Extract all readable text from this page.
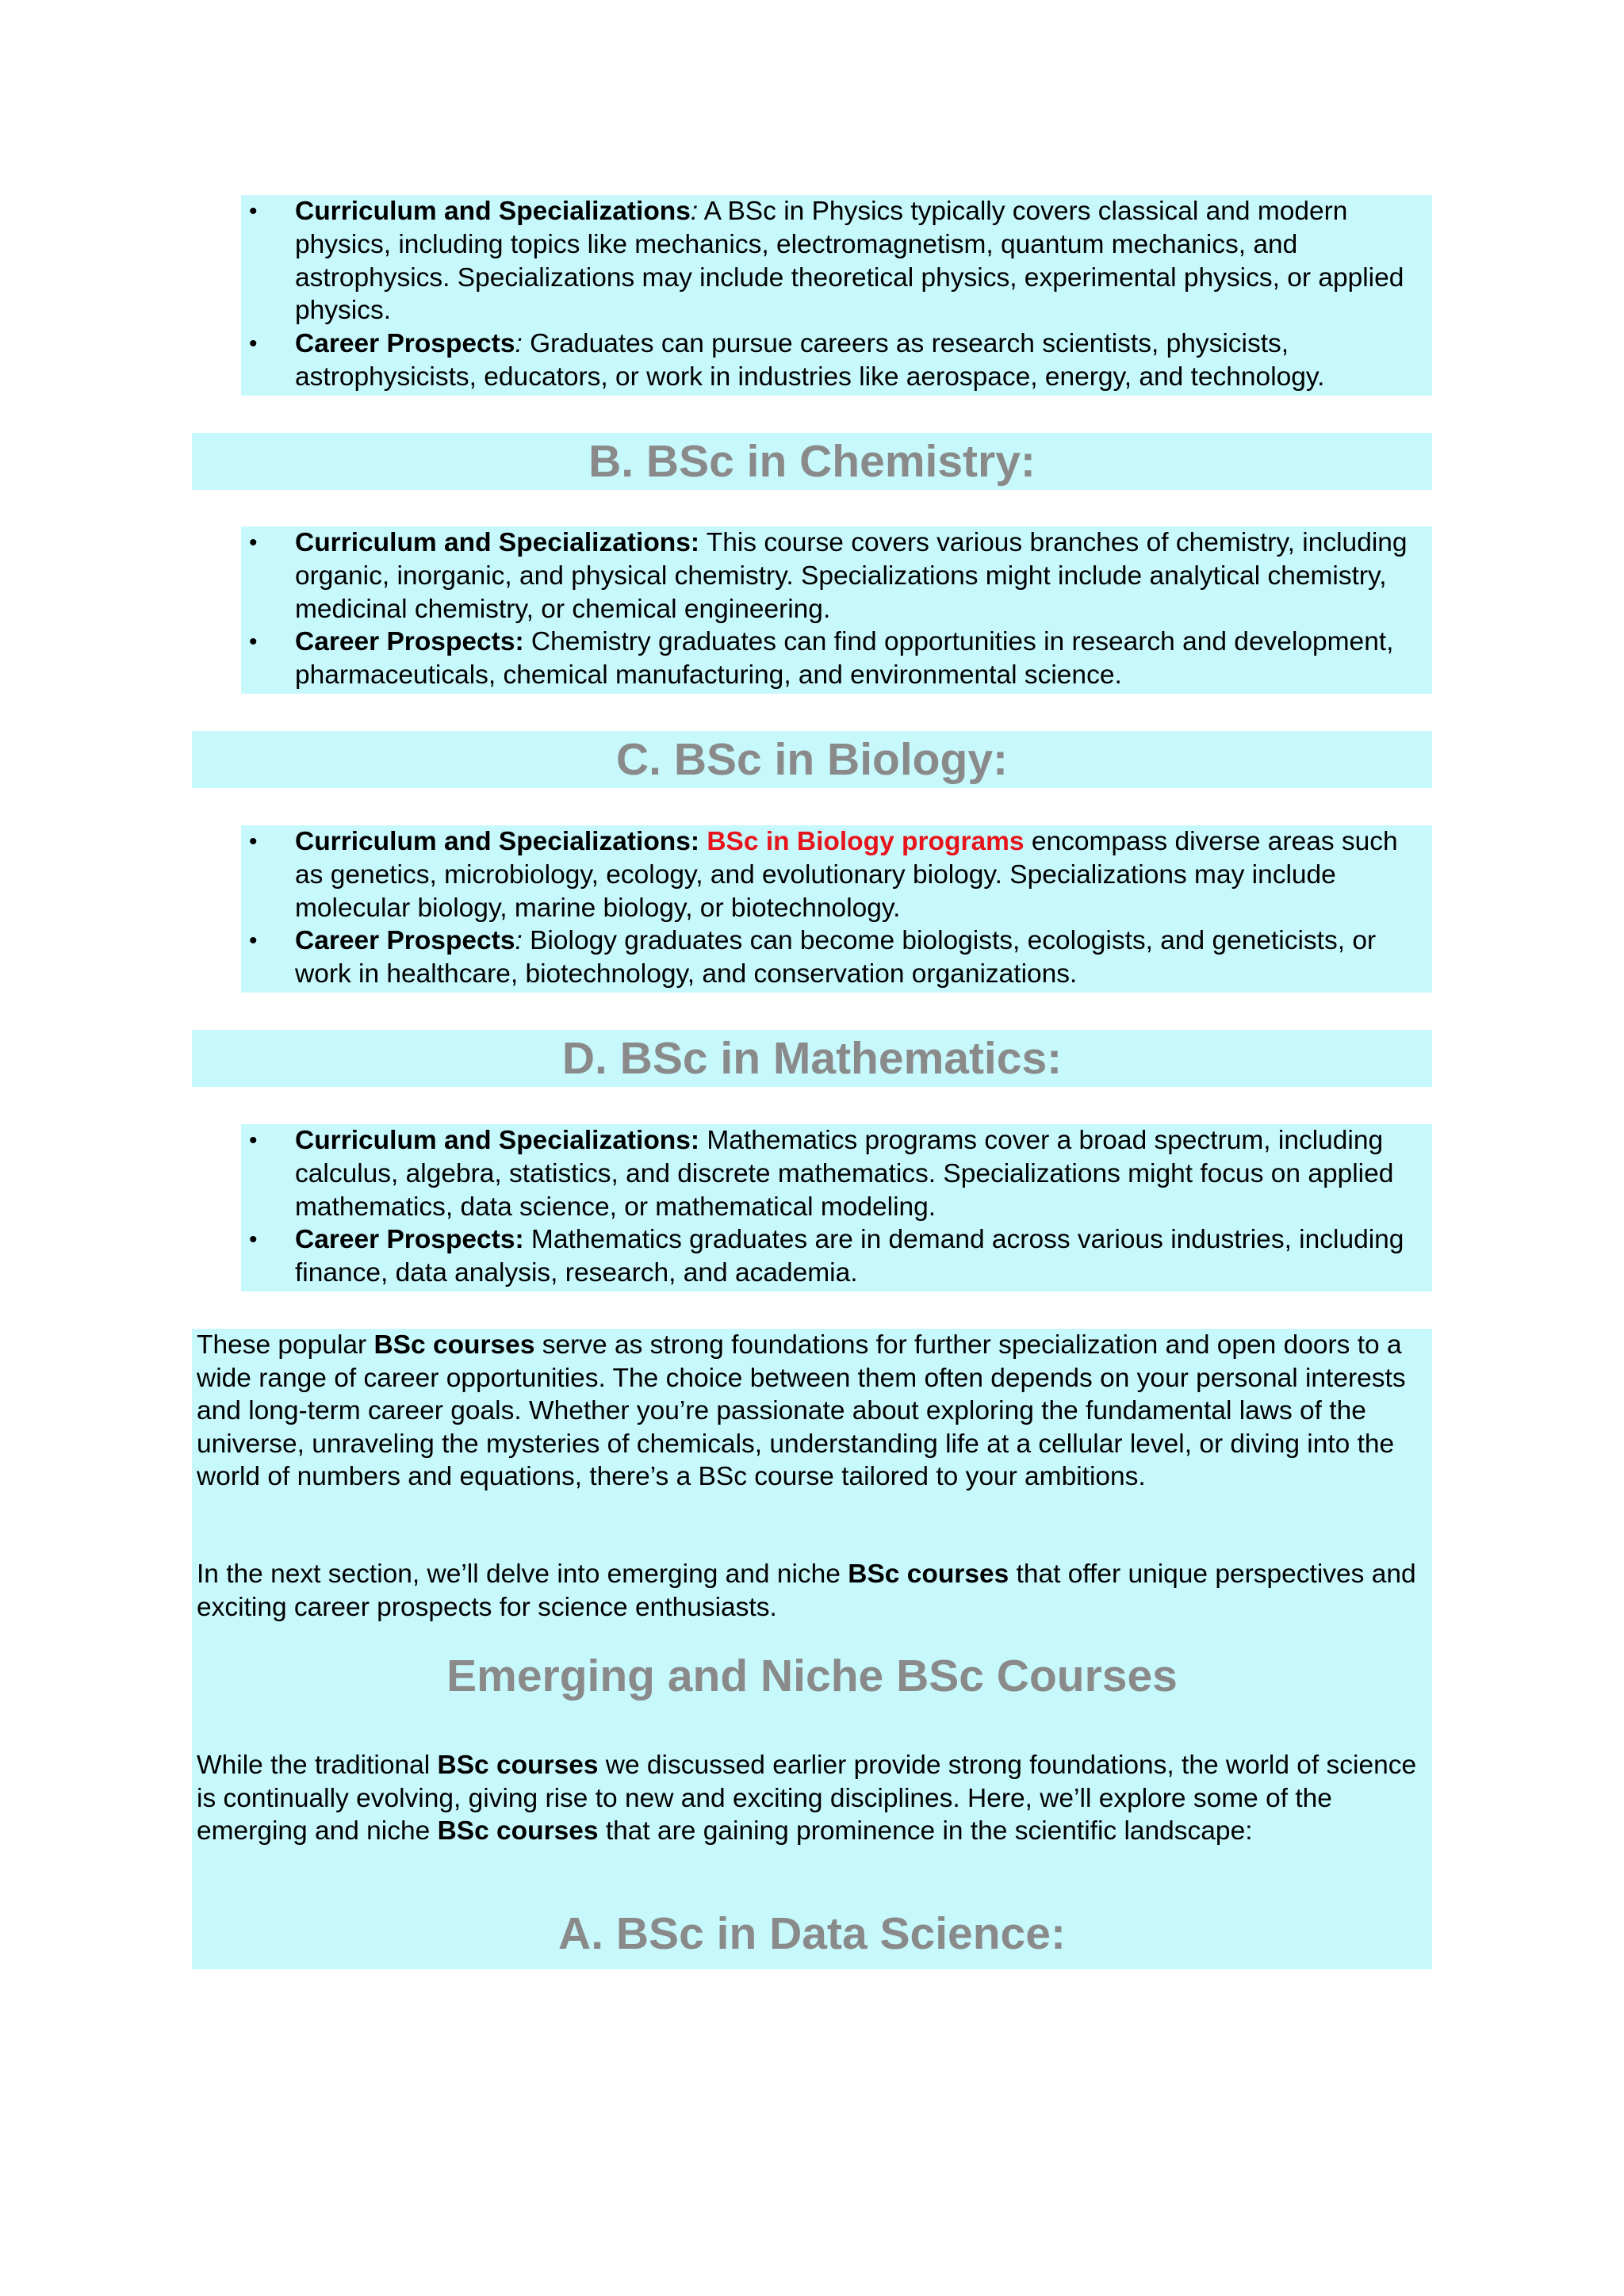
• Curriculum and Specializations: A BSc in Physics typically covers classical and modern physics, including topics like mechanics, electromagnetism, quantum mechanics, and astrophysics. Specializations may include theoretical physics, experimental physics, or applied physics.
• Career Prospects: Graduates can pursue careers as research scientists, physicists, astrophysicists, educators, or work in industries like aerospace, energy, and technology.
B. BSc in Chemistry:
• Curriculum and Specializations: This course covers various branches of chemistry, including organic, inorganic, and physical chemistry. Specializations might include analytical chemistry, medicinal chemistry, or chemical engineering.
• Career Prospects: Chemistry graduates can find opportunities in research and development, pharmaceuticals, chemical manufacturing, and environmental science.
C. BSc in Biology:
• Curriculum and Specializations: BSc in Biology programs encompass diverse areas such as genetics, microbiology, ecology, and evolutionary biology. Specializations may include molecular biology, marine biology, or biotechnology.
• Career Prospects: Biology graduates can become biologists, ecologists, and geneticists, or work in healthcare, biotechnology, and conservation organizations.
D. BSc in Mathematics:
• Curriculum and Specializations: Mathematics programs cover a broad spectrum, including calculus, algebra, statistics, and discrete mathematics. Specializations might focus on applied mathematics, data science, or mathematical modeling.
• Career Prospects: Mathematics graduates are in demand across various industries, including finance, data analysis, research, and academia.

These popular BSc courses serve as strong foundations for further specialization and open doors to a wide range of career opportunities. The choice between them often depends on your personal interests and long-term career goals. Whether you’re passionate about exploring the fundamental laws of the universe, unraveling the mysteries of chemicals, understanding life at a cellular level, or diving into the world of numbers and equations, there’s a BSc course tailored to your ambitions.

In the next section, we’ll delve into emerging and niche BSc courses that offer unique perspectives and exciting career prospects for science enthusiasts.

Emerging and Niche BSc Courses

While the traditional BSc courses we discussed earlier provide strong foundations, the world of science is continually evolving, giving rise to new and exciting disciplines. Here, we’ll explore some of the emerging and niche BSc courses that are gaining prominence in the scientific landscape:

A. BSc in Data Science:
